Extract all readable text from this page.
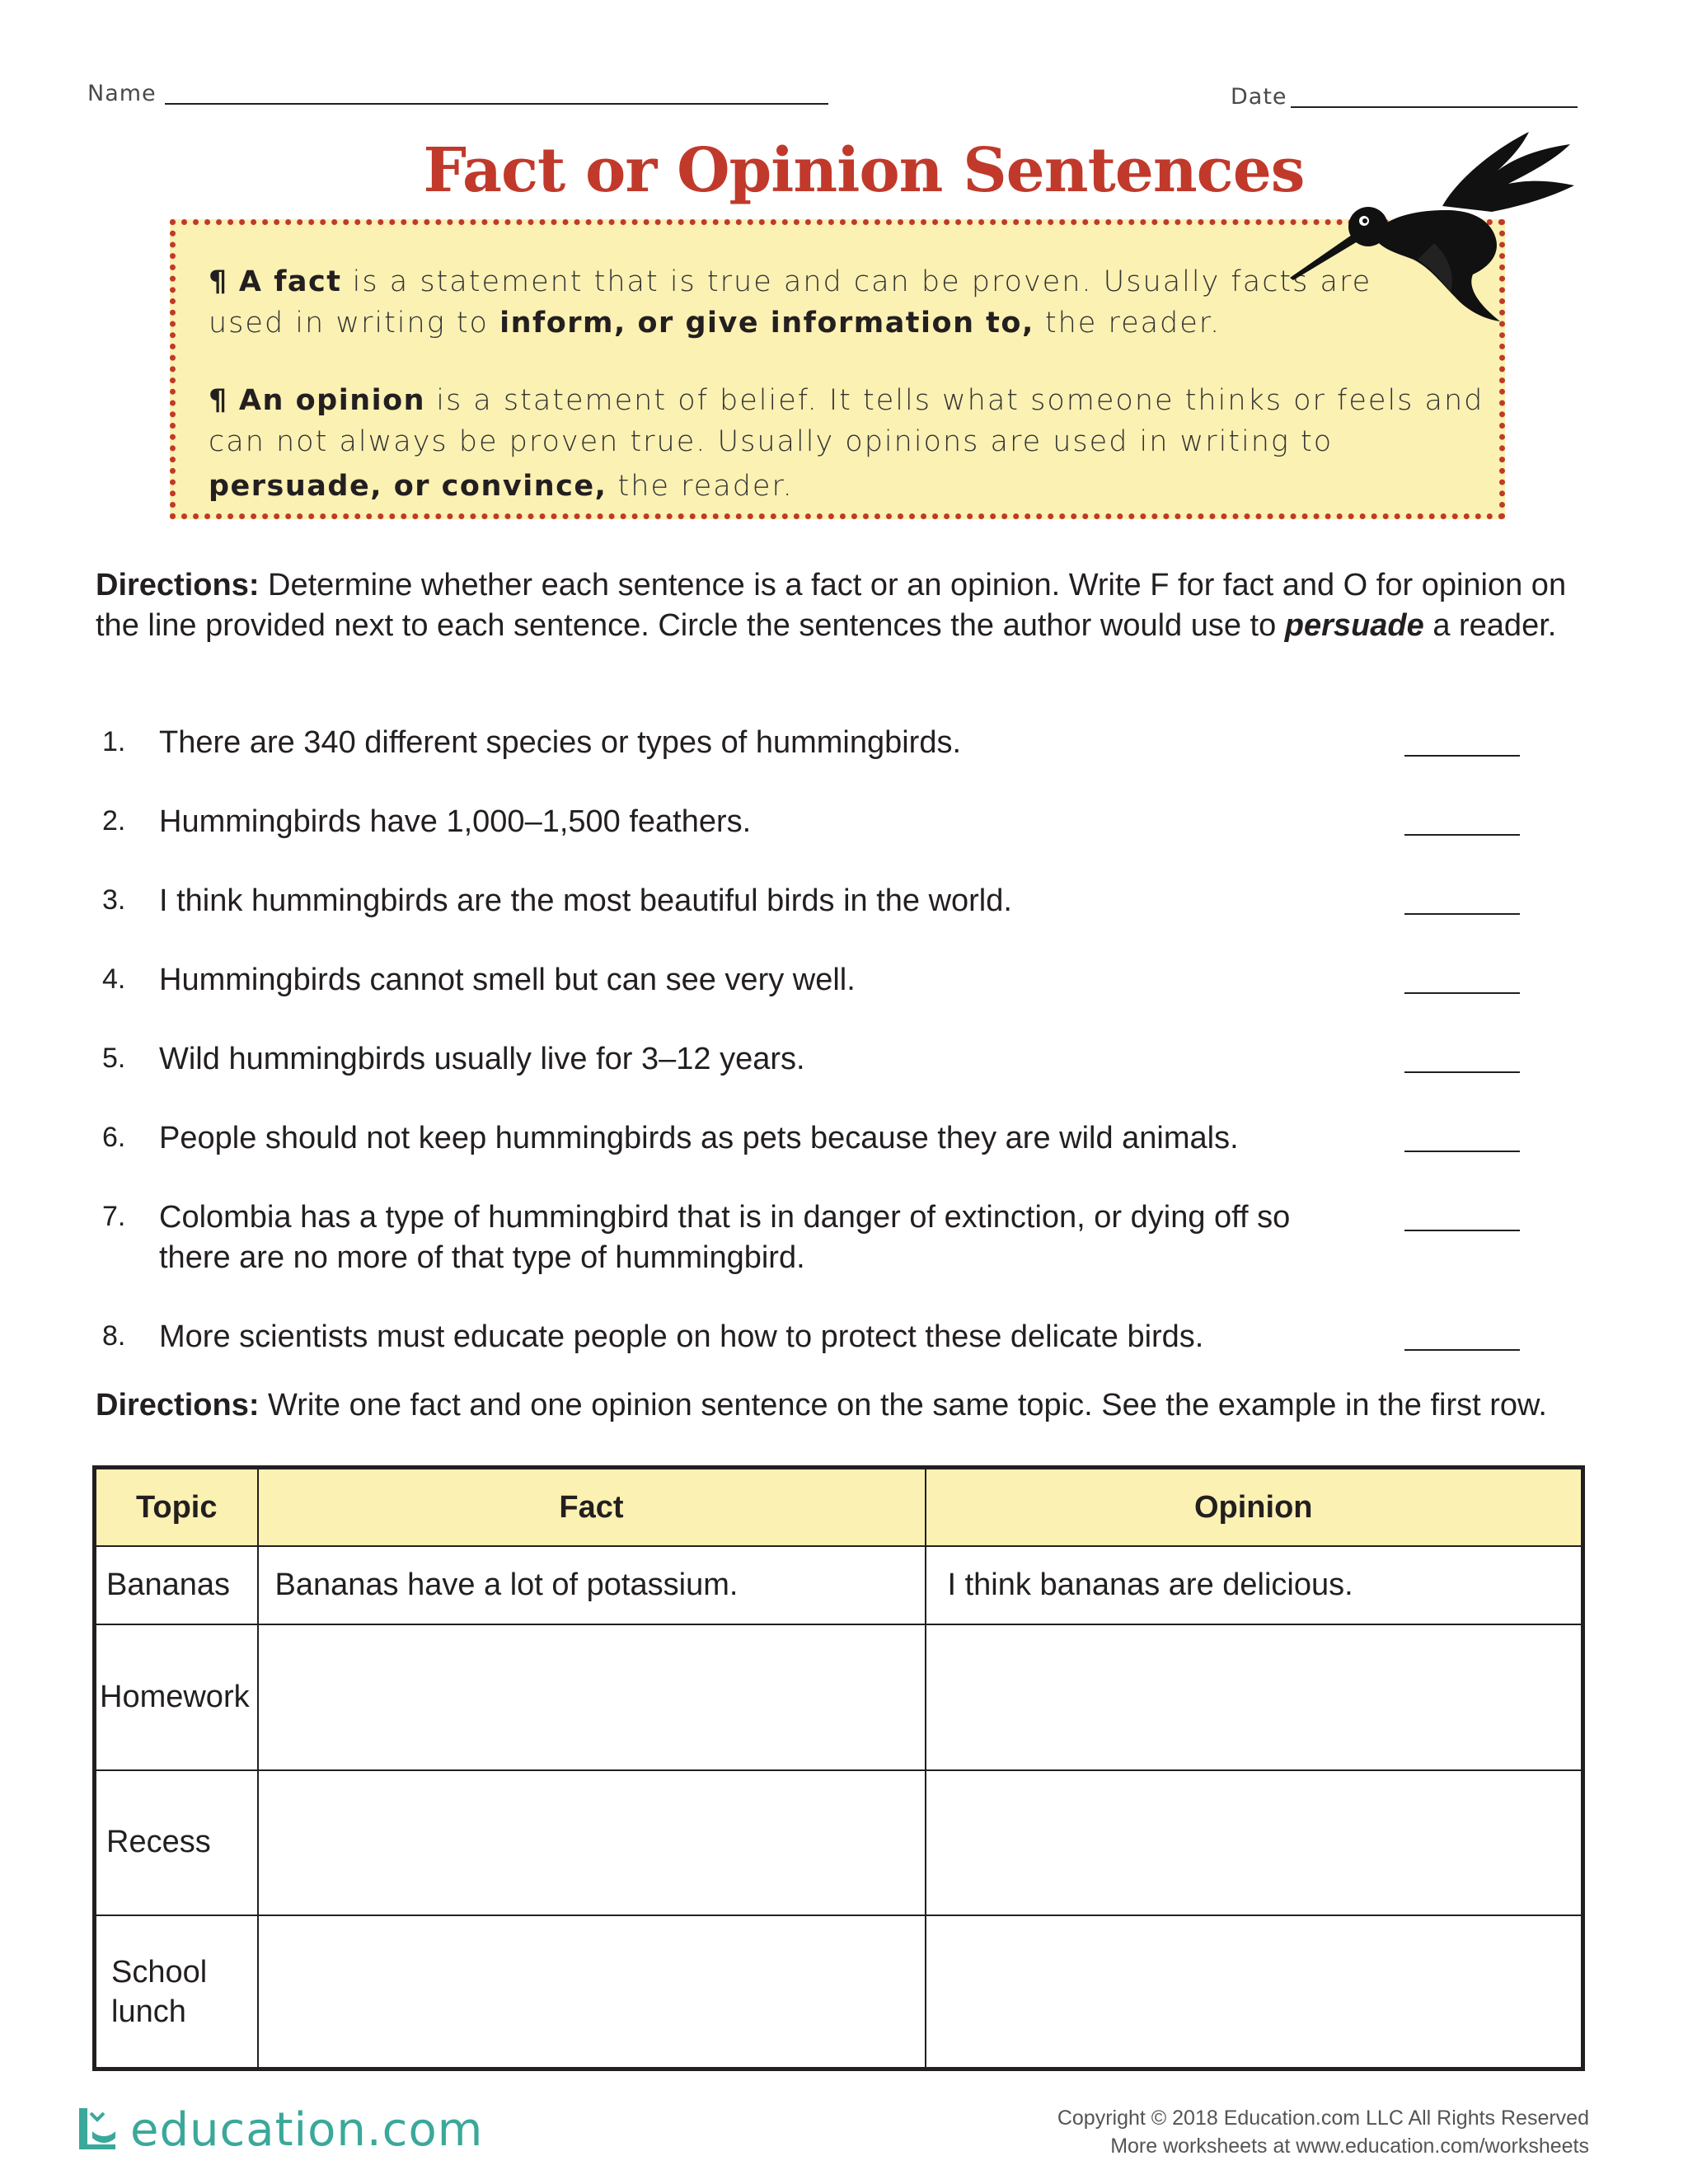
Name	Date
Fact or Opinion Sentences
¶ A fact is a statement that is true and can be proven. Usually facts are used in writing to inform, or give information to, the reader.
¶ An opinion is a statement of belief. It tells what someone thinks or feels and can not always be proven true. Usually opinions are used in writing to
persuade, or convince, the reader.
Directions: Determine whether each sentence is a fact or an opinion. Write F for fact and O for opinion on the line provided next to each sentence. Circle the sentences the author would use to persuade a reader.
1.	There are 340 different species or types of hummingbirds.
2.	Hummingbirds have 1,000–1,500 feathers.
3.	I think hummingbirds are the most beautiful birds in the world.
4.	Hummingbirds cannot smell but can see very well.
5.	Wild hummingbirds usually live for 3–12 years.
6.	People should not keep hummingbirds as pets because they are wild animals.
7.	Colombia has a type of hummingbird that is in danger of extinction, or dying off so there are no more of that type of hummingbird.
8.	More scientists must educate people on how to protect these delicate birds.
Directions: Write one fact and one opinion sentence on the same topic. See the example in the first row.
Topic	Fact	Opinion
Bananas	Bananas have a lot of potassium.	I think bananas are delicious.
Homework		
Recess		
School lunch		
education.com	Copyright © 2018 Education.com LLC All Rights Reserved
More worksheets at www.education.com/worksheets
